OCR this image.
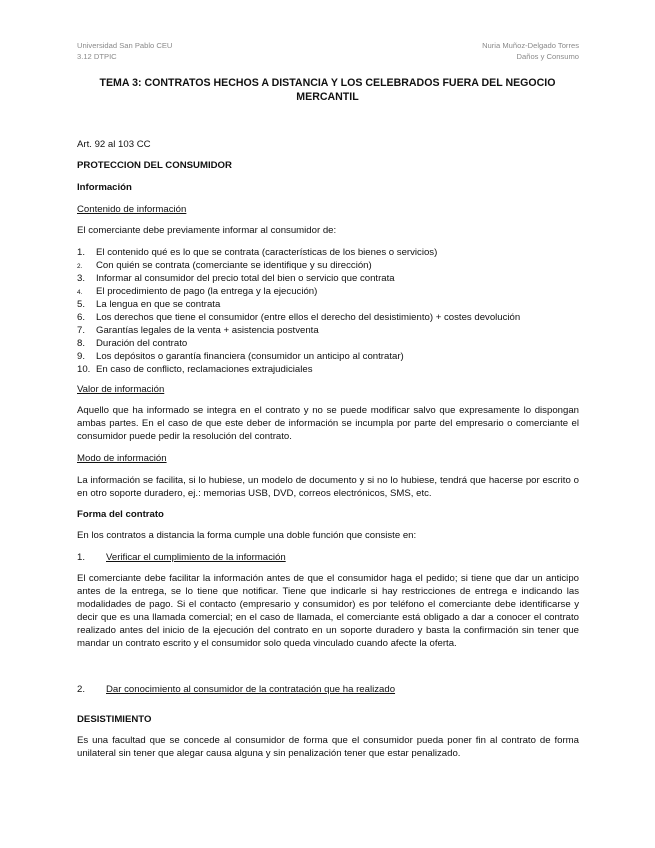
Universidad San Pablo CEU
3.12 DTPIC
Nuria Muñoz-Delgado Torres
Daños y Consumo
TEMA 3: CONTRATOS HECHOS A DISTANCIA Y LOS CELEBRADOS FUERA DEL NEGOCIO MERCANTIL

Art. 92 al 103 CC

PROTECCION DEL CONSUMIDOR

Información

Contenido de información

El comerciante debe previamente informar al consumidor de:

1. El contenido qué es lo que se contrata (características de los bienes o servicios)
2. Con quién se contrata (comerciante se identifique y su dirección)
3. Informar al consumidor del precio total del bien o servicio que contrata
4. El procedimiento de pago (la entrega y la ejecución)
5. La lengua en que se contrata
6. Los derechos que tiene el consumidor (entre ellos el derecho del desistimiento) + costes devolución
7. Garantías legales de la venta + asistencia postventa
8. Duración del contrato
9. Los depósitos o garantía financiera (consumidor un anticipo al contratar)
10. En caso de conflicto, reclamaciones extrajudiciales

Valor de información

Aquello que ha informado se integra en el contrato y no se puede modificar salvo que expresamente lo dispongan ambas partes. En el caso de que este deber de información se incumpla por parte del empresario o comerciante el consumidor puede pedir la resolución del contrato.

Modo de información

La información se facilita, si lo hubiese, un modelo de documento y si no lo hubiese, tendrá que hacerse por escrito o en otro soporte duradero, ej.: memorias USB, DVD, correos electrónicos, SMS, etc.

Forma del contrato

En los contratos a distancia la forma cumple una doble función que consiste en:

1. Verificar el cumplimiento de la información

El comerciante debe facilitar la información antes de que el consumidor haga el pedido; si tiene que dar un anticipo antes de la entrega, se lo tiene que notificar. Tiene que indicarle si hay restricciones de entrega e indicando las modalidades de pago. Si el contacto (empresario y consumidor) es por teléfono el comerciante debe identificarse y decir que es una llamada comercial; en el caso de llamada, el comerciante está obligado a dar a conocer el contrato realizado antes del inicio de la ejecución del contrato en un soporte duradero y basta la confirmación sin tener que mandar un contrato escrito y el consumidor solo queda vinculado cuando afecte la oferta.

2. Dar conocimiento al consumidor de la contratación que ha realizado

DESISTIMIENTO

Es una facultad que se concede al consumidor de forma que el consumidor pueda poner fin al contrato de forma unilateral sin tener que alegar causa alguna y sin penalización tener que estar penalizado.
